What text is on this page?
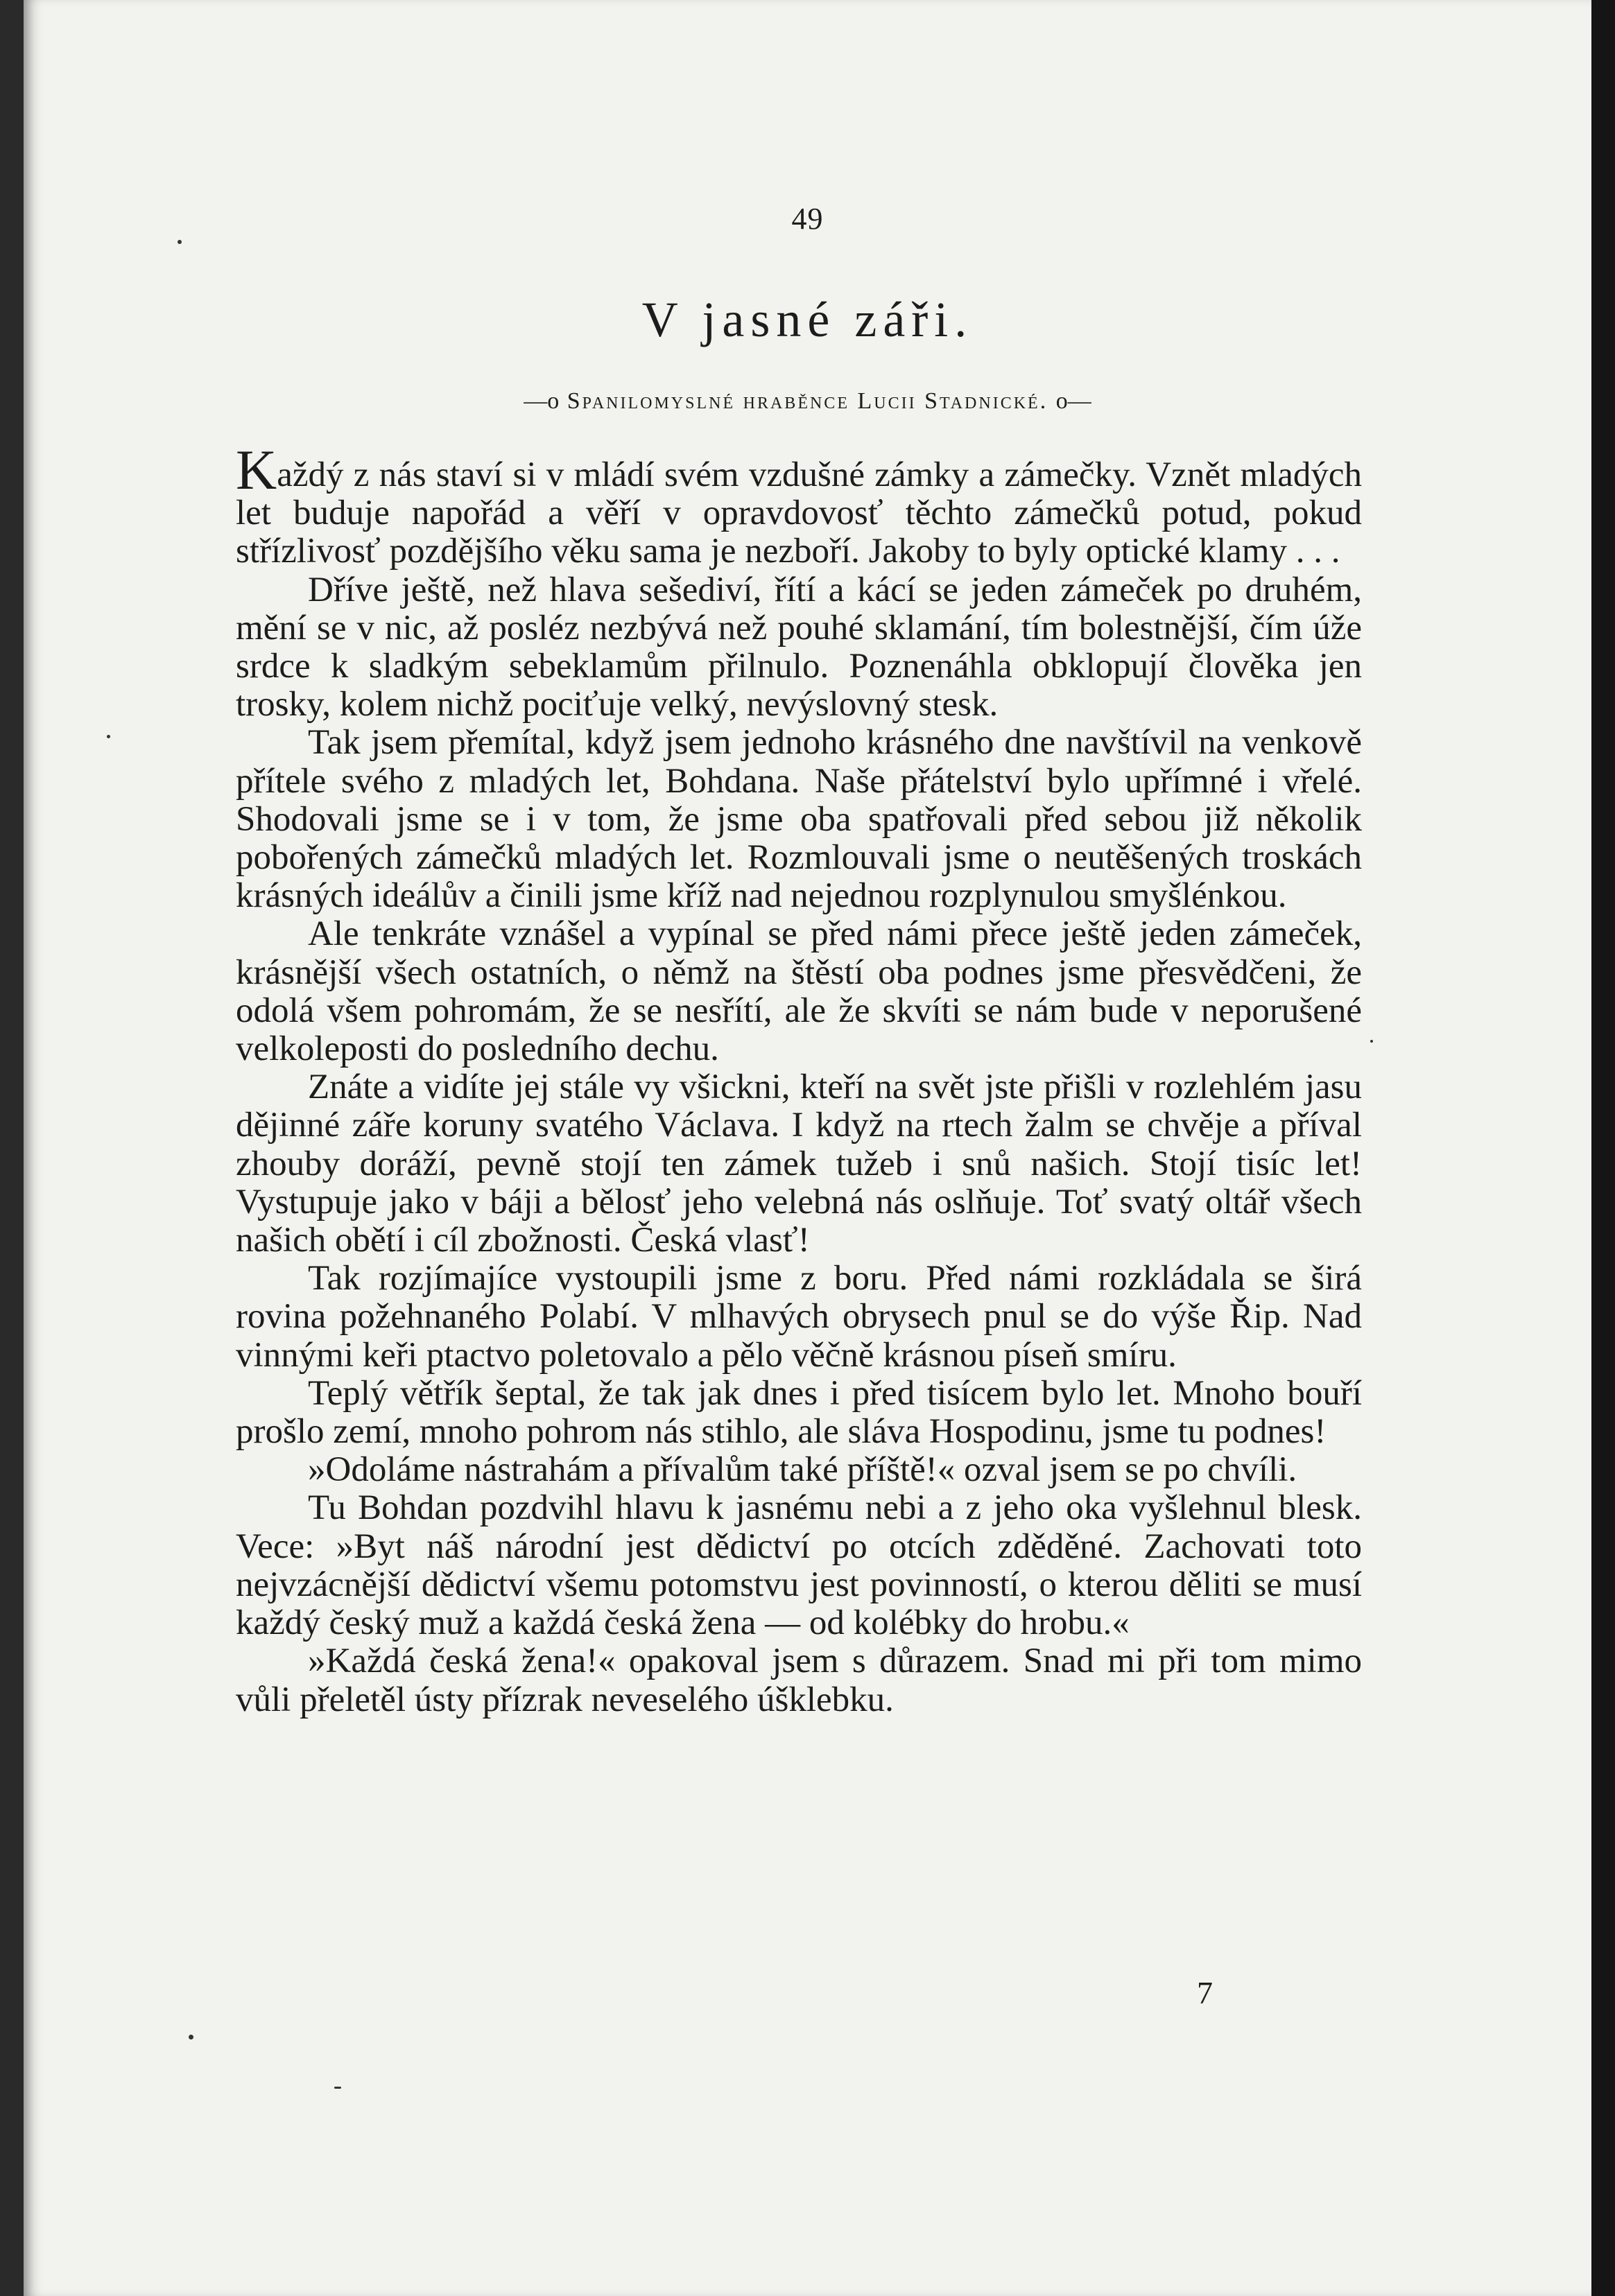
49
V jasné záři.
—o Spanilomyslné hraběnce Lucii Stadnické. o—

Každý z nás staví si v mládí svém vzdušné zámky a zámečky. Vznět mladých let buduje napořád a věří v opravdovosť těchto zámečků potud, pokud střízlivosť pozdějšího věku sama je nezboří. Jakoby to byly optické klamy . . .

Dříve ještě, než hlava sešediví, řítí a kácí se jeden zámeček po druhém, mění se v nic, až posléz nezbývá než pouhé sklamání, tím bolestnější, čím úže srdce k sladkým sebeklamům přilnulo. Poznenáhla obklopují člověka jen trosky, kolem nichž pociťuje velký, nevýslovný stesk.

Tak jsem přemítal, když jsem jednoho krásného dne navštívil na venkově přítele svého z mladých let, Bohdana. Naše přátelství bylo upřímné i vřelé. Shodovali jsme se i v tom, že jsme oba spatřovali před sebou již několik pobořených zámečků mladých let. Rozmlouvali jsme o neutěšených troskách krásných ideálův a činili jsme kříž nad nejednou rozplynulou smyšlénkou.

Ale tenkráte vznášel a vypínal se před námi přece ještě jeden zámeček, krásnější všech ostatních, o němž na štěstí oba podnes jsme přesvědčeni, že odolá všem pohromám, že se nesřítí, ale že skvíti se nám bude v neporušené velkoleposti do posledního dechu.

Znáte a vidíte jej stále vy všickni, kteří na svět jste přišli v rozlehlém jasu dějinné záře koruny svatého Václava. I když na rtech žalm se chvěje a příval zhouby doráží, pevně stojí ten zámek tužeb i snů našich. Stojí tisíc let! Vystupuje jako v báji a bělosť jeho velebná nás oslňuje. Toť svatý oltář všech našich obětí i cíl zbožnosti. Česká vlasť!

Tak rozjímajíce vystoupili jsme z boru. Před námi rozkládala se širá rovina požehnaného Polabí. V mlhavých obrysech pnul se do výše Řip. Nad vinnými keři ptactvo poletovalo a pělo věčně krásnou píseň smíru.

Teplý větřík šeptal, že tak jak dnes i před tisícem bylo let. Mnoho bouří prošlo zemí, mnoho pohrom nás stihlo, ale sláva Hospodinu, jsme tu podnes!

»Odoláme nástrahám a přívalům také příště!« ozval jsem se po chvíli.

Tu Bohdan pozdvihl hlavu k jasnému nebi a z jeho oka vyšlehnul blesk. Vece: »Byt náš národní jest dědictví po otcích zděděné. Zachovati toto nejvzácnější dědictví všemu potomstvu jest povinností, o kterou děliti se musí každý český muž a každá česká žena — od kolébky do hrobu.«

»Každá česká žena!« opakoval jsem s důrazem. Snad mi při tom mimo vůli přeletěl ústy přízrak neveselého úšklebku.

7
